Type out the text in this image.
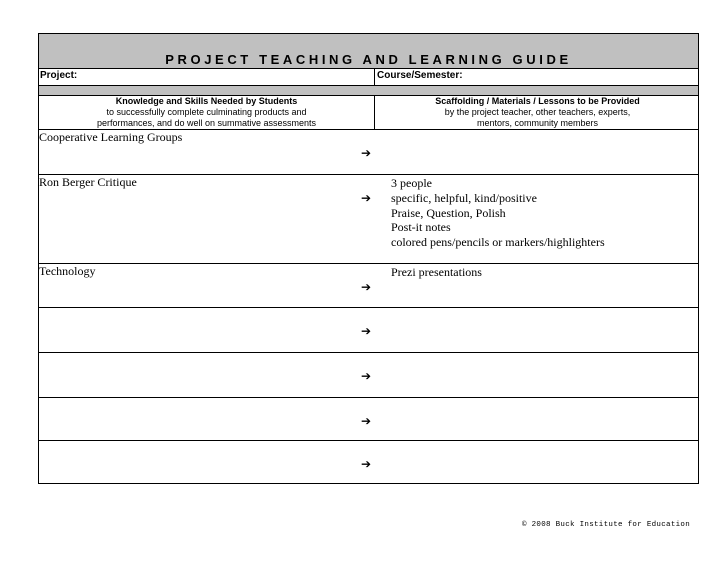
PROJECT TEACHING AND LEARNING GUIDE
Project:	Course/Semester:
Knowledge and Skills Needed by Students
to successfully complete culminating products and
performances, and do well on summative assessments
Scaffolding / Materials / Lessons to be Provided
by the project teacher, other teachers, experts,
mentors, community members
Cooperative Learning Groups
➔
Ron Berger Critique
➔
3 people
specific, helpful, kind/positive
Praise, Question, Polish
Post-it notes
colored pens/pencils or markers/highlighters
Technology
➔
Prezi presentations
➔
➔
➔
➔
© 2008 Buck Institute for Education
